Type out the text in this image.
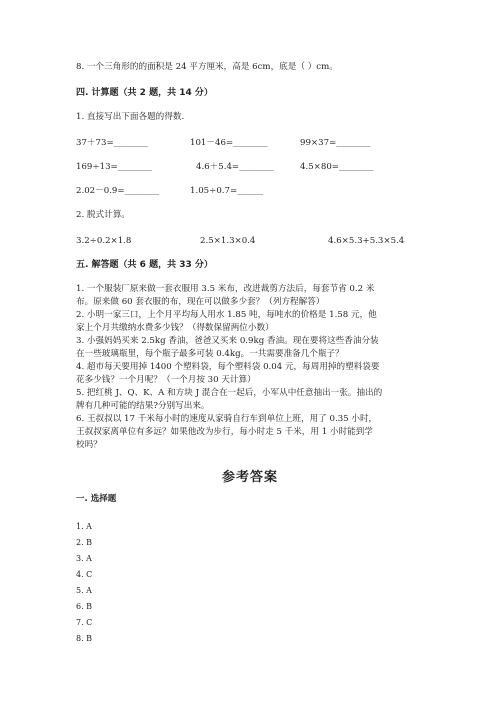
8. 一个三角形的的面积是 24 平方厘米，高是 6cm，底是（ ）cm。
四. 计算题（共 2 题，共 14 分）
1. 直接写出下面各题的得数.
37＋73=________	101－46=________	99×37=________
169÷13=________	4.6＋5.4=________	4.5×80=________
2.02－0.9=________	1.05÷0.7=______
2. 脱式计算。
3.2÷0.2×1.8	2.5×1.3×0.4	4.6×5.3+5.3×5.4
五. 解答题（共 6 题，共 33 分）
1. 一个服装厂原来做一套衣服用 3.5 米布，改进裁剪方法后，每套节省 0.2 米
布。原来做 60 套衣服的布，现在可以做多少套？（列方程解答）
2. 小明一家三口，上个月平均每人用水 1.85 吨，每吨水的价格是 1.58 元，他
家上个月共缴纳水费多少钱？（得数保留两位小数）
3. 小强妈妈买来 2.5kg 香油，爸爸又买来 0.9kg 香油。现在要将这些香油分装
在一些玻璃瓶里，每个瓶子最多可装 0.4kg。一共需要准备几个瓶子？
4. 超市每天要用掉 1400 个塑料袋，每个塑料袋 0.04 元，每周用掉的塑料袋要
花多少钱？一个月呢？（一个月按 30 天计算）
5. 把红桃 J、Q、K、A 和方块 J 混合在一起后，小军从中任意抽出一张。抽出的
牌有几种可能的结果?分别写出来。
6. 王叔叔以 17 千米每小时的速度从家骑自行车到单位上班，用了 0.35 小时，
王叔叔家离单位有多远？如果他改为步行，每小时走 5 千米，用 1 小时能到学
校吗？
参考答案
一. 选择题
1. A
2. B
3. A
4. C
5. A
6. B
7. C
8. B
